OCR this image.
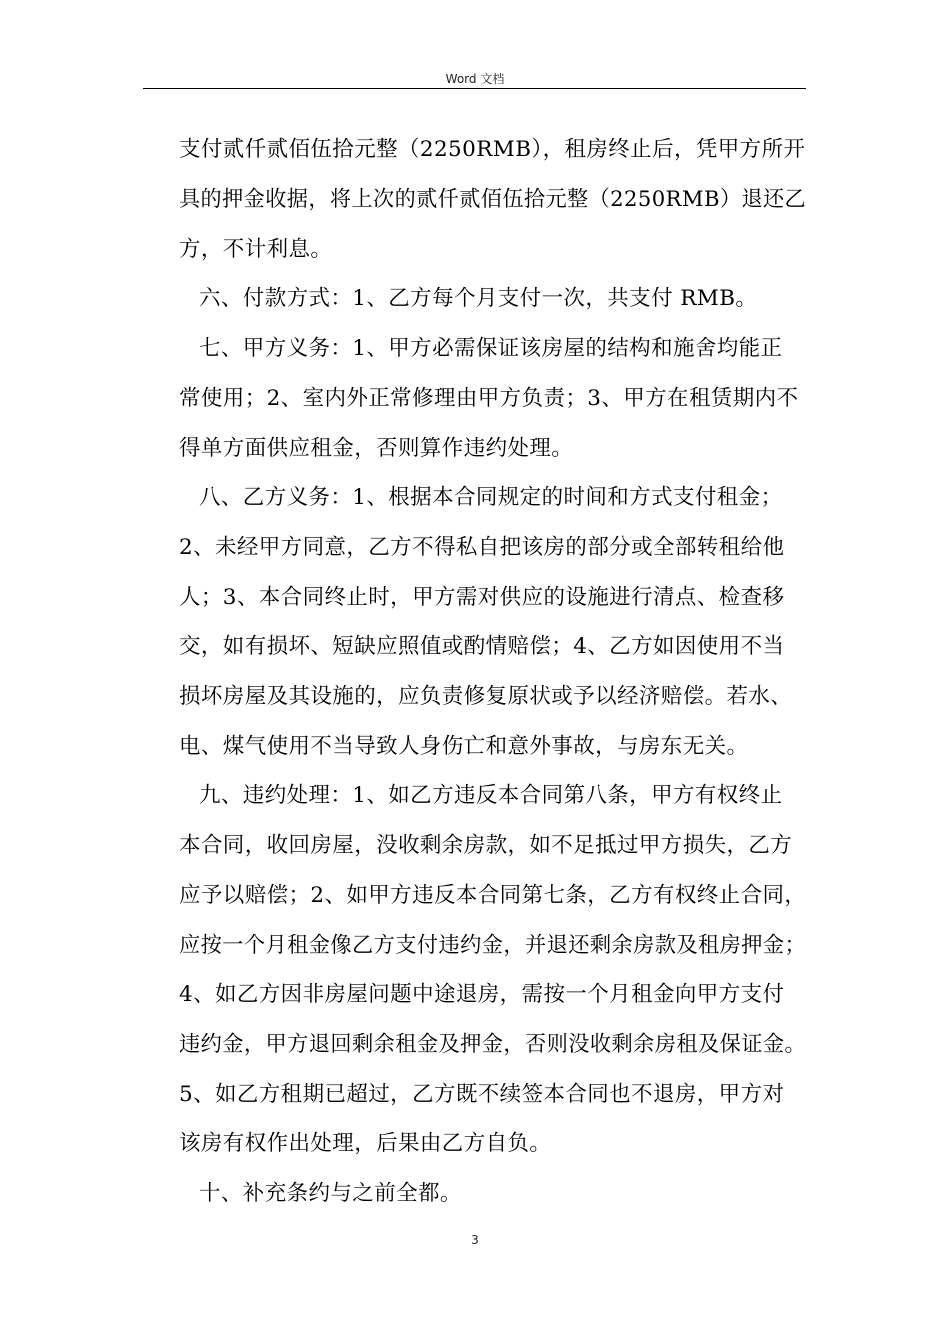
Word 文档
支付贰仟贰佰伍拾元整（2250RMB），租房终止后，凭甲方所开
具的押金收据，将上次的贰仟贰佰伍拾元整（2250RMB）退还乙
方，不计利息。
六、付款方式：1、乙方每个月支付一次，共支付 RMB。
七、甲方义务：1、甲方必需保证该房屋的结构和施舍均能正
常使用；2、室内外正常修理由甲方负责；3、甲方在租赁期内不
得单方面供应租金，否则算作违约处理。
八、乙方义务：1、根据本合同规定的时间和方式支付租金；
2、未经甲方同意，乙方不得私自把该房的部分或全部转租给他
人；3、本合同终止时，甲方需对供应的设施进行清点、检查移
交，如有损坏、短缺应照值或酌情赔偿；4、乙方如因使用不当
损坏房屋及其设施的，应负责修复原状或予以经济赔偿。若水、
电、煤气使用不当导致人身伤亡和意外事故，与房东无关。
九、违约处理：1、如乙方违反本合同第八条，甲方有权终止
本合同，收回房屋，没收剩余房款，如不足抵过甲方损失，乙方
应予以赔偿；2、如甲方违反本合同第七条，乙方有权终止合同，
应按一个月租金像乙方支付违约金，并退还剩余房款及租房押金；
4、如乙方因非房屋问题中途退房，需按一个月租金向甲方支付
违约金，甲方退回剩余租金及押金，否则没收剩余房租及保证金。
5、如乙方租期已超过，乙方既不续签本合同也不退房，甲方对
该房有权作出处理，后果由乙方自负。
十、补充条约与之前全都。
3
